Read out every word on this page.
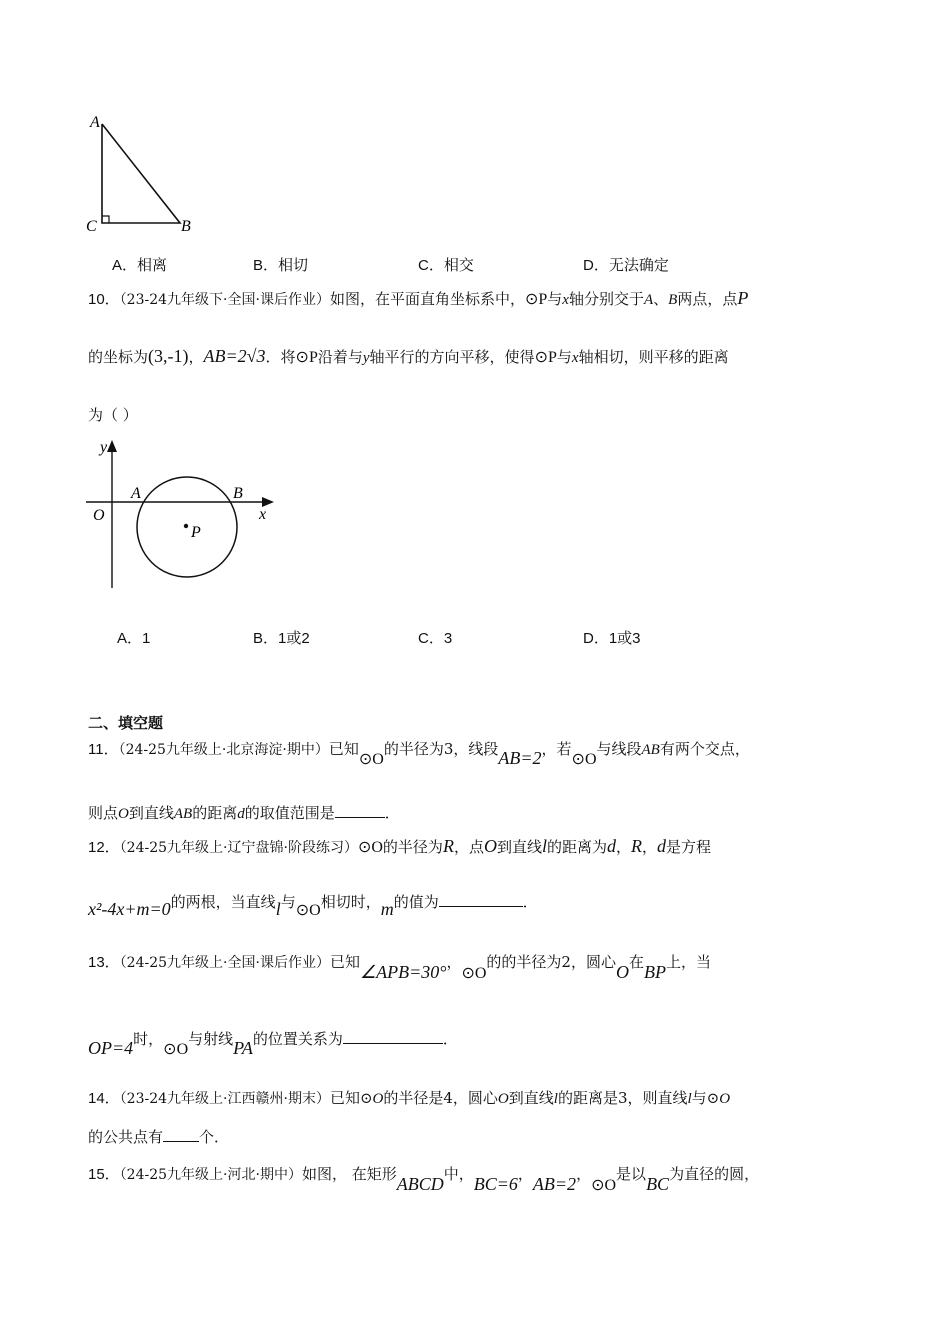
A
C	B
A．相离	B．相切	C．相交	D．无法确定
10．（23-24九年级下·全国·课后作业）如图，在平面直角坐标系中，⊙P与x轴分别交于A、B两点，点P
的坐标为(3,-1)，AB=2√3．将⊙P沿着与y轴平行的方向平移，使得⊙P与x轴相切，则平移的距离
为（ ）
y
x
O
A	B
P
A．1	B．1或2	C．3	D．1或3
二、填空题
11．（24-25九年级上·北京海淀·期中）已知⊙O的半径为3，线段AB=2，若⊙O与线段AB有两个交点，
则点O到直线AB的距离d的取值范围是	．
12．（24-25九年级上·辽宁盘锦·阶段练习）⊙O的半径为R，点O到直线l的距离为d，R，d是方程
x²-4x+m=0的两根，当直线l与⊙O相切时，m的值为	．
13．（24-25九年级上·全国·课后作业）已知∠APB=30°，⊙O的的半径为2，圆心O在BP上，当
OP=4时，⊙O与射线PA的位置关系为	．
14．（23-24九年级上·江西赣州·期末）已知⊙O的半径是4，圆心O到直线l的距离是3，则直线l与⊙O
的公共点有 个．
15．（24-25九年级上·河北·期中）如图， 在矩形ABCD中，BC=6，AB=2，⊙O是以BC为直径的圆，
